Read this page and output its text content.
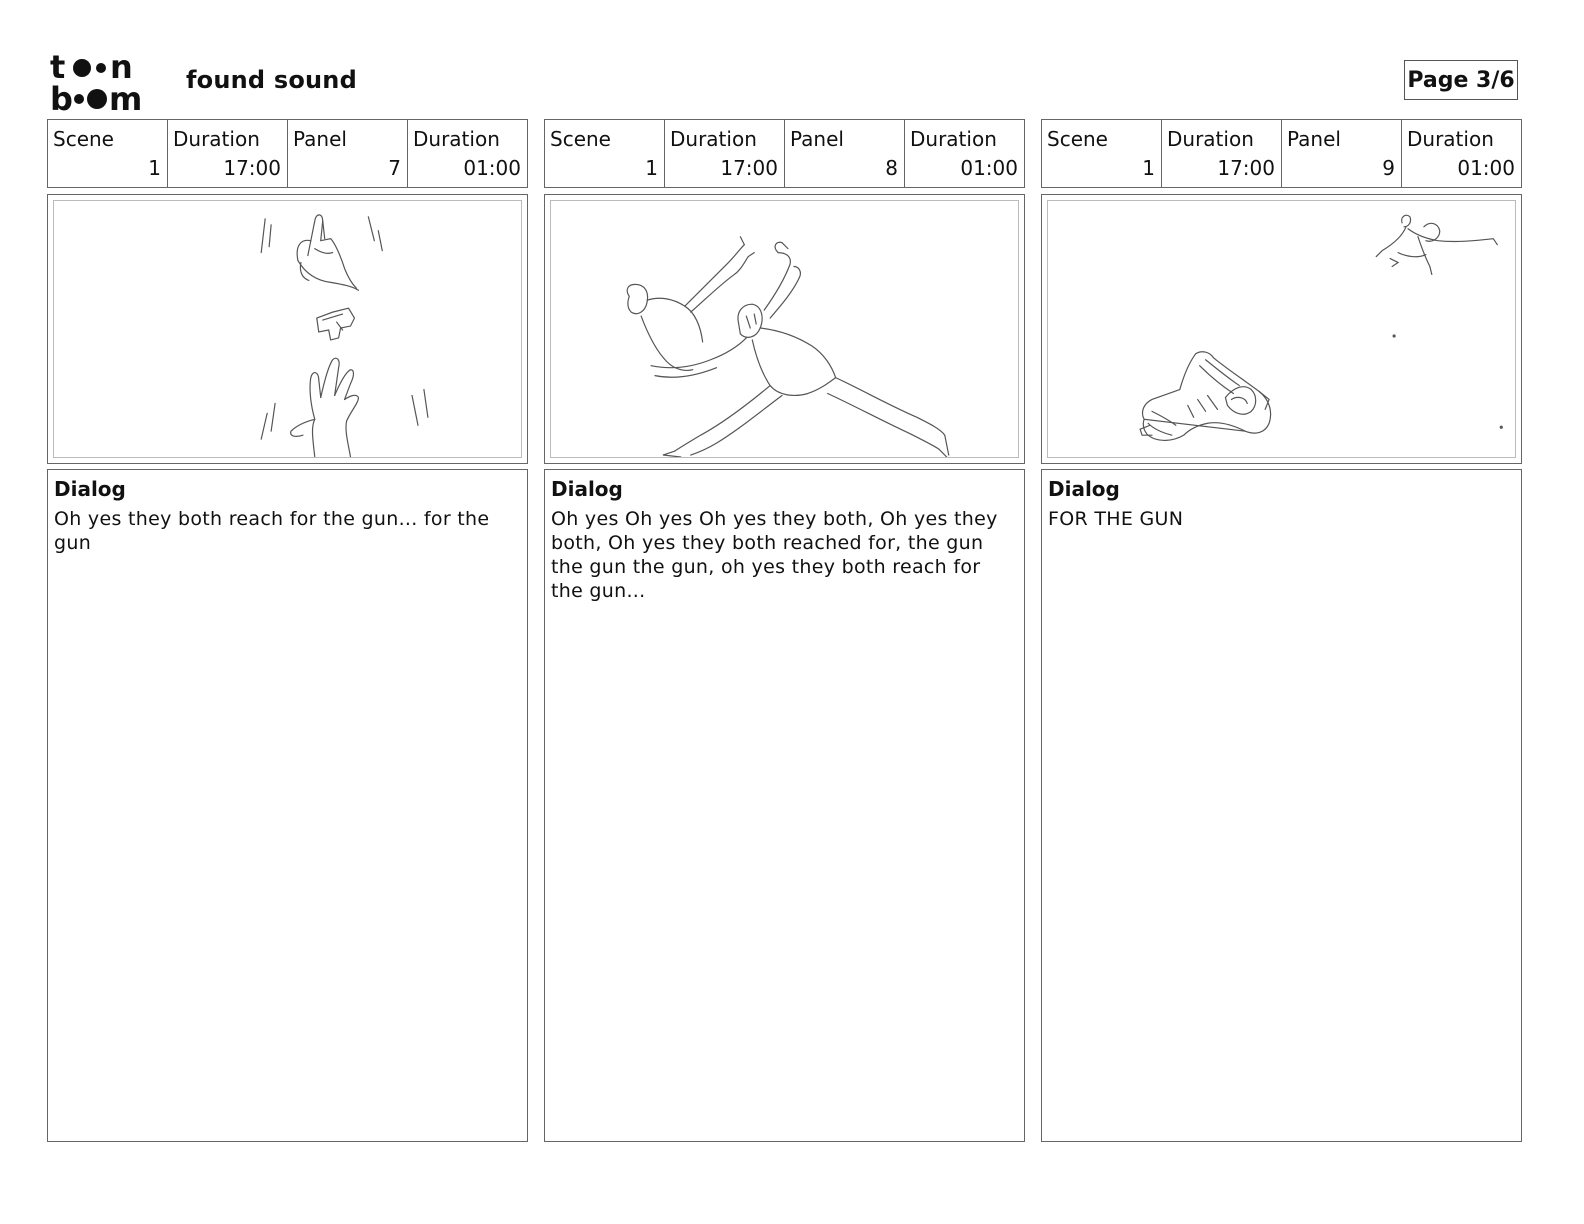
t n
b m found sound	Page 3/6
Scene
1
Duration
17:00
Panel
7
Duration
01:00
Dialog
Oh yes they both reach for the gun... for the gun
Scene
1
Duration
17:00
Panel
8
Duration
01:00
Dialog
Oh yes Oh yes Oh yes they both, Oh yes they both, Oh yes they both reached for, the gun the gun the gun, oh yes they both reach for the gun...
Scene
1
Duration
17:00
Panel
9
Duration
01:00
Dialog
FOR THE GUN
